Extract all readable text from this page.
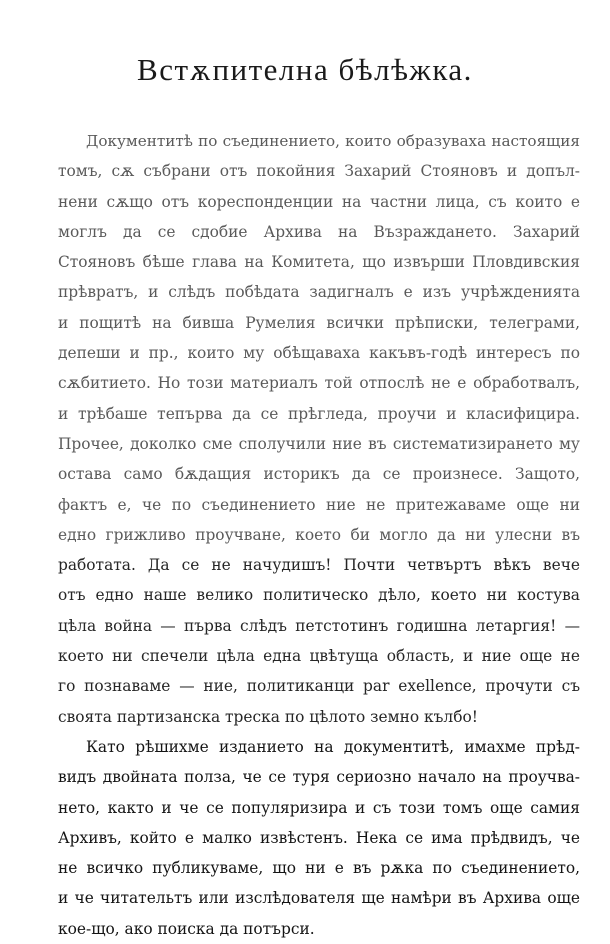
Встѫпителна бѣлѣжка.
Документитѣ по съединението, които образуваха настоящия
томъ, сѫ събрани отъ покойния Захарий Стояновъ и допъл-
нени сѫщо отъ кореспонденции на частни лица, съ които е
моглъ да се сдобие Архива на Възраждането. Захарий
Стояновъ бѣше глава на Комитета, що извърши Пловдивския
прѣвратъ, и слѣдъ побѣдата задигналъ е изъ учрѣжденията
и пощитѣ на бивша Румелия всички прѣписки, телеграми,
депеши и пр., които му обѣщаваха какъвъ-годѣ интересъ по
сѫбитието. Но този материалъ той отпослѣ не е обработвалъ,
и трѣбаше тепърва да се прѣгледа, проучи и класифицира.
Прочее, доколко сме сполучили ние въ систематизирането му
остава само бѫдащия историкъ да се произнесе. Защото,
фактъ е, че по съединението ние не притежаваме още ни
едно грижливо проучване, което би могло да ни улесни въ
работата. Да се не начудишъ! Почти четвъртъ вѣкъ вече
отъ едно наше велико политическо дѣло, което ни костува
цѣла война — първа слѣдъ петстотинъ годишна летаргия! —
което ни спечели цѣла една цвѣтуща область, и ние още не
го познаваме — ние, политиканци par exellence, прочути съ
своята партизанска треска по цѣлото земно кълбо!
Като рѣшихме изданието на документитѣ, имахме прѣд-
видъ двойната полза, че се туря сериозно начало на проучва-
нето, както и че се популяризира и съ този томъ още самия
Архивъ, който е малко извѣстенъ. Нека се има прѣдвидъ, че
не всичко публикуваме, що ни е въ рѫка по съединението,
и че читательтъ или изслѣдователя ще намѣри въ Архива още
кое-що, ако поиска да потърси.
